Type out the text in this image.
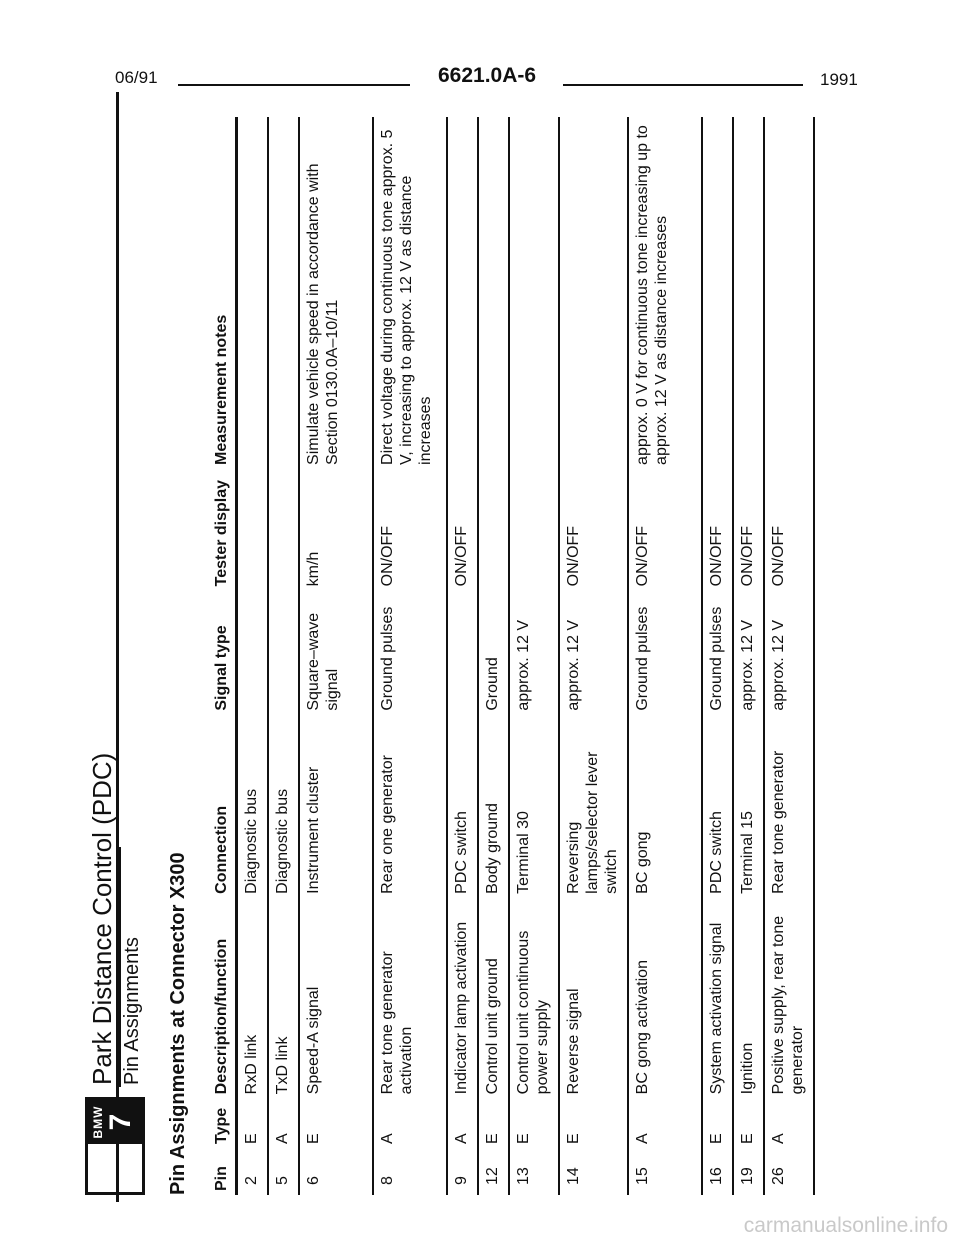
06/91	6621.0A-6	1991
BMW 7
Park Distance Control (PDC) Pin Assignments Pin Assignments at Connector X300 Pin	Type	Description/function	Connection	Signal type	Tester display	Measurement notes
2	E	RxD link	Diagnostic bus			
5	A	TxD link	Diagnostic bus			
6	E	Speed-A signal	Instrument cluster	Square–wave signal	km/h	Simulate vehicle speed in accordance with Section 0130.0A–10/11
8	A	Rear tone generator activation	Rear one generator	Ground pulses	ON/OFF	Direct voltage during continuous tone approx. 5 V, increasing to approx. 12 V as distance increases
9	A	Indicator lamp activation	PDC switch		ON/OFF	
12	E	Control unit ground	Body ground	Ground		
13	E	Control unit continuous power supply	Terminal 30	approx. 12 V		
14	E	Reverse signal	Reversing lamps/selector lever switch	approx. 12 V	ON/OFF	
15	A	BC gong activation	BC gong	Ground pulses	ON/OFF	approx. 0 V for continuous tone increasing up to approx. 12 V as distance increases
16	E	System activation signal	PDC switch	Ground pulses	ON/OFF	
19	E	Ignition	Terminal 15	approx. 12 V	ON/OFF	
26	A	Positive supply, rear tone generator	Rear tone generator	approx. 12 V	ON/OFF	
carmanualsonline.info
